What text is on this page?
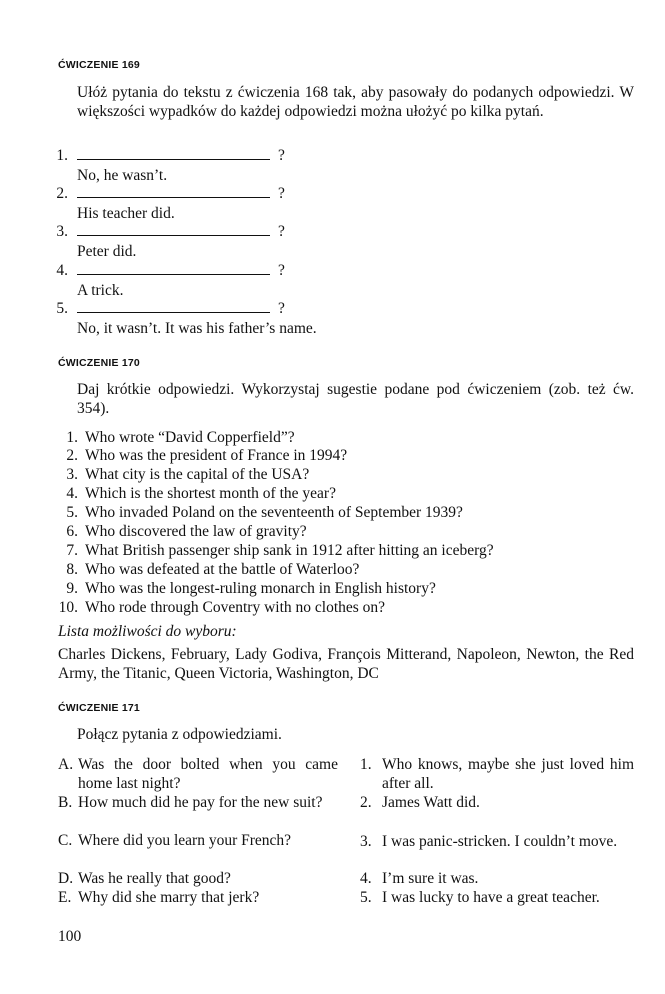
ĆWICZENIE 169
Ułóż pytania do tekstu z ćwiczenia 168 tak, aby pasowały do podanych odpowiedzi. W większości wypadków do każdej odpowiedzi można ułożyć po kilka pytań.
1.	?
No, he wasn’t.
2.	?
His teacher did.
3.	?
Peter did.
4.	?
A trick.
5.	?
No, it wasn’t. It was his father’s name.
ĆWICZENIE 170
Daj krótkie odpowiedzi. Wykorzystaj sugestie podane pod ćwiczeniem (zob. też ćw. 354).
1. Who wrote “David Copperfield”?
2. Who was the president of France in 1994?
3. What city is the capital of the USA?
4. Which is the shortest month of the year?
5. Who invaded Poland on the seventeenth of September 1939?
6. Who discovered the law of gravity?
7. What British passenger ship sank in 1912 after hitting an iceberg?
8. Who was defeated at the battle of Waterloo?
9. Who was the longest-ruling monarch in English history?
10. Who rode through Coventry with no clothes on?
Lista możliwości do wyboru:
Charles Dickens, February, Lady Godiva, François Mitterand, Napoleon, Newton, the Red Army, the Titanic, Queen Victoria, Washington, DC
ĆWICZENIE 171
Połącz pytania z odpowiedziami.
A. Was the door bolted when you came home last night?
B. How much did he pay for the new suit?
C. Where did you learn your French?
D. Was he really that good?
E. Why did she marry that jerk?
1. Who knows, maybe she just loved him after all.
2. James Watt did.
3. I was panic-stricken. I couldn’t move.
4. I’m sure it was.
5. I was lucky to have a great teacher.
100
